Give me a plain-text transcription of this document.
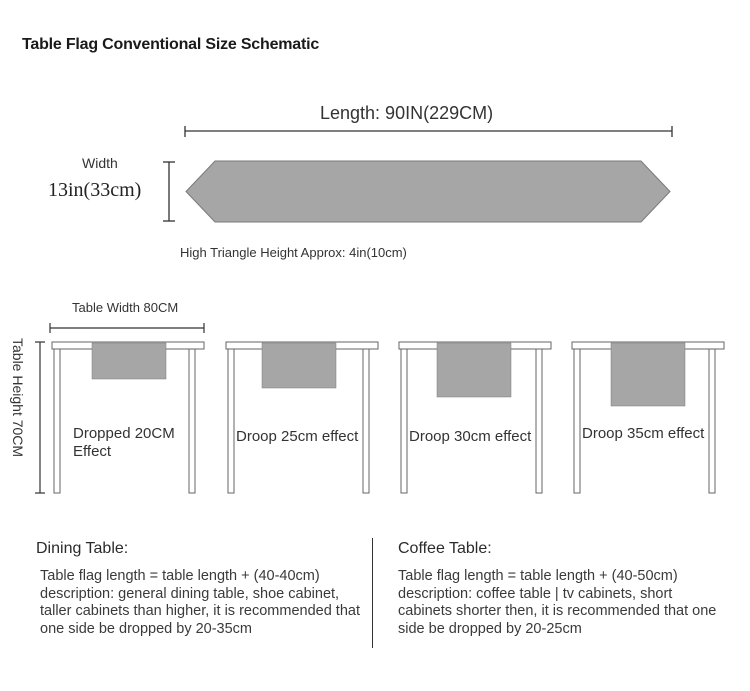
Table Flag Conventional Size Schematic
Length: 90IN(229CM)
Width
13in(33cm)
High Triangle Height Approx: 4in(10cm)
Table Width 80CM
Table Height 70CM	Dropped 20CM Effect
Droop 25cm effect	Droop 30cm effect	Droop 35cm effect
Dining Table:
Table flag length = table length + (40-40cm) description: general dining table, shoe cabinet, taller cabinets than higher, it is recommended that one side be dropped by 20-35cm
Coffee Table:
Table flag length = table length + (40-50cm) description: coffee table | tv cabinets, short cabinets shorter then, it is recommended that one side be dropped by 20-25cm
